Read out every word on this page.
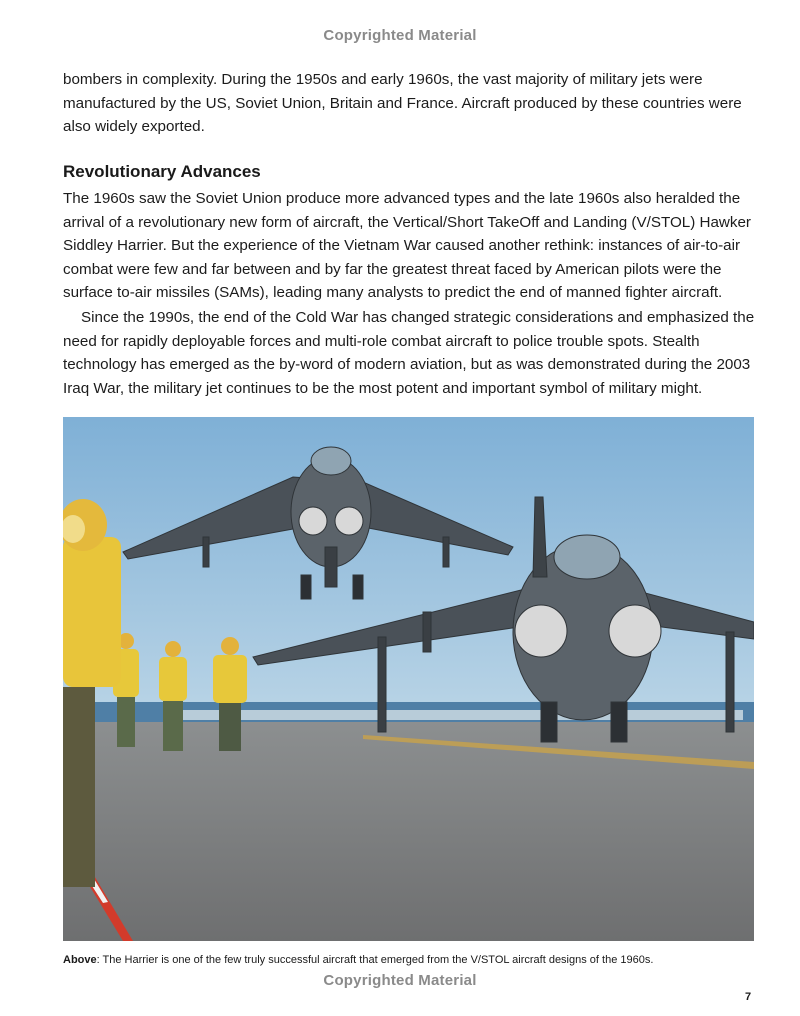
Copyrighted Material

bombers in complexity. During the 1950s and early 1960s, the vast majority of military jets were manufactured by the US, Soviet Union, Britain and France. Aircraft produced by these countries were also widely exported.

Revolutionary Advances

The 1960s saw the Soviet Union produce more advanced types and the late 1960s also heralded the arrival of a revolutionary new form of aircraft, the Vertical/Short TakeOff and Landing (V/STOL) Hawker Siddley Harrier. But the experience of the Vietnam War caused another rethink: instances of air-to-air combat were few and far between and by far the greatest threat faced by American pilots were the surface to-air missiles (SAMs), leading many analysts to predict the end of manned fighter aircraft.

Since the 1990s, the end of the Cold War has changed strategic considerations and emphasized the need for rapidly deployable forces and multi-role combat aircraft to police trouble spots. Stealth technology has emerged as the by-word of modern aviation, but as was demonstrated during the 2003 Iraq War, the military jet continues to be the most potent and important symbol of military might.

Above: The Harrier is one of the few truly successful aircraft that emerged from the V/STOL aircraft designs of the 1960s.
Copyrighted Material
7
